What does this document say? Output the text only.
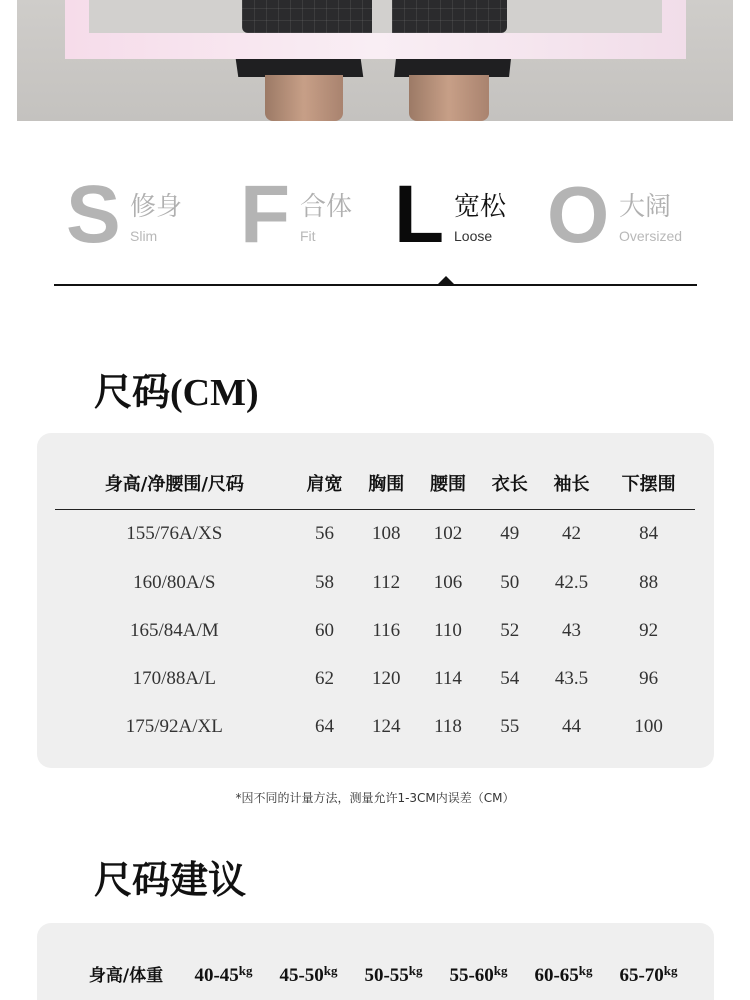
S 修身
Slim F 合体
Fit L 宽松
Loose O 大阔
Oversized
尺码(CM)
身高/净腰围/尺码	肩宽	胸围	腰围	衣长	袖长	下摆围
155/76A/XS	56	108	102	49	42	84
160/80A/S	58	112	106	50	42.5	88
165/84A/M	60	116	110	52	43	92
170/88A/L	62	120	114	54	43.5	96
175/92A/XL	64	124	118	55	44	100
*因不同的计量方法，测量允许1-3CM内误差（CM）
尺码建议
身高/体重	$40-45^{kg}$	$45-50^{kg}$	$50-55^{kg}$	$55-60^{kg}$	$60-65^{kg}$	$65-70^{kg}$
